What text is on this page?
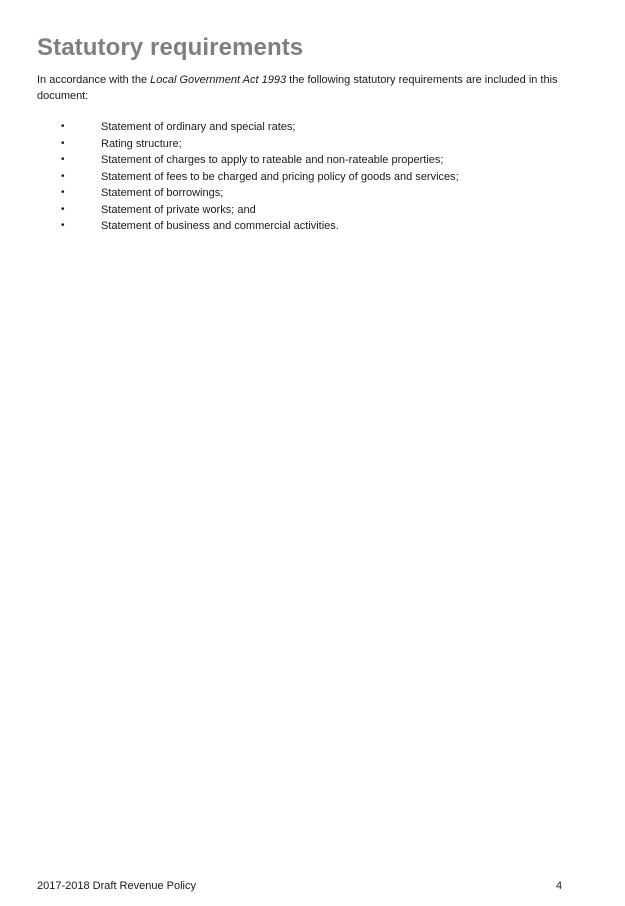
Statutory requirements

In accordance with the Local Government Act 1993 the following statutory requirements are included in this document:

•	Statement of ordinary and special rates;
•	Rating structure;
•	Statement of charges to apply to rateable and non-rateable properties;
•	Statement of fees to be charged and pricing policy of goods and services;
•	Statement of borrowings;
•	Statement of private works; and
•	Statement of business and commercial activities.
2017-2018 Draft Revenue Policy	4
